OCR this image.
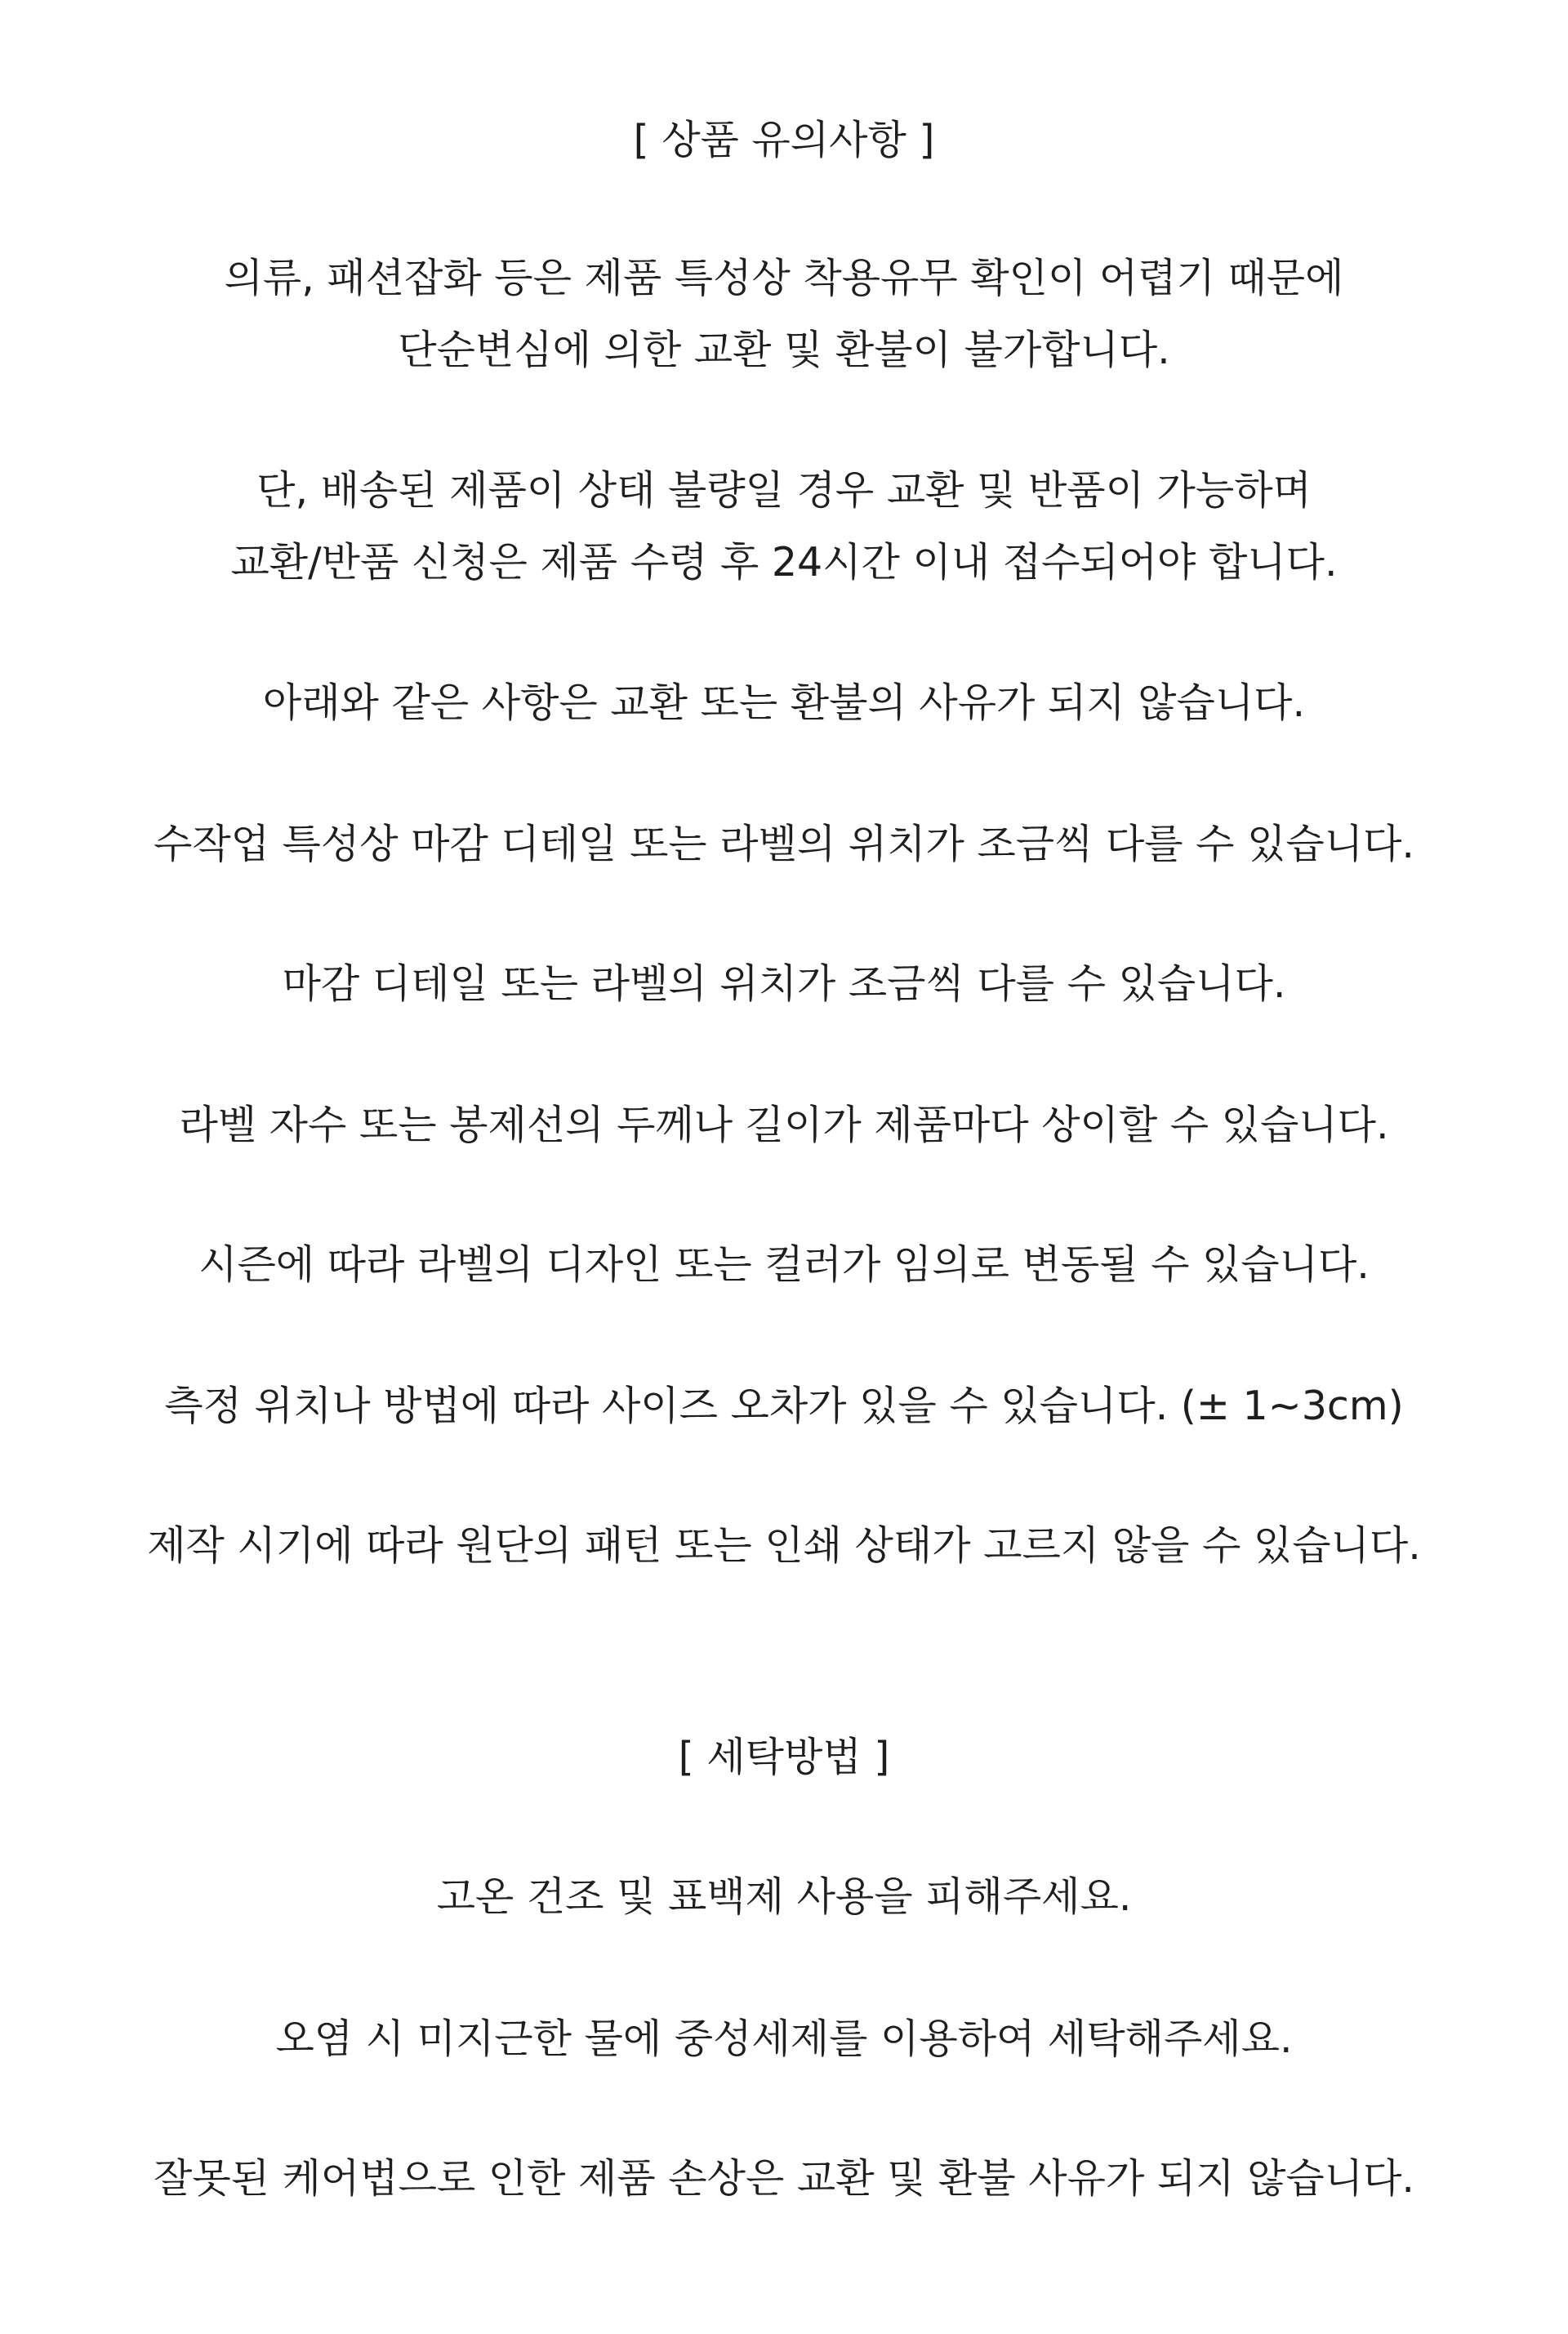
[ 상품 유의사항 ]

의류, 패션잡화 등은 제품 특성상 착용유무 확인이 어렵기 때문에

단순변심에 의한 교환 및 환불이 불가합니다.

단, 배송된 제품이 상태 불량일 경우 교환 및 반품이 가능하며

교환/반품 신청은 제품 수령 후 24시간 이내 접수되어야 합니다.

아래와 같은 사항은 교환 또는 환불의 사유가 되지 않습니다.

수작업 특성상 마감 디테일 또는 라벨의 위치가 조금씩 다를 수 있습니다.

마감 디테일 또는 라벨의 위치가 조금씩 다를 수 있습니다.

라벨 자수 또는 봉제선의 두께나 길이가 제품마다 상이할 수 있습니다.

시즌에 따라 라벨의 디자인 또는 컬러가 임의로 변동될 수 있습니다.

측정 위치나 방법에 따라 사이즈 오차가 있을 수 있습니다. (± 1~3cm)

제작 시기에 따라 원단의 패턴 또는 인쇄 상태가 고르지 않을 수 있습니다.

[ 세탁방법 ]

고온 건조 및 표백제 사용을 피해주세요.

오염 시 미지근한 물에 중성세제를 이용하여 세탁해주세요.

잘못된 케어법으로 인한 제품 손상은 교환 및 환불 사유가 되지 않습니다.
